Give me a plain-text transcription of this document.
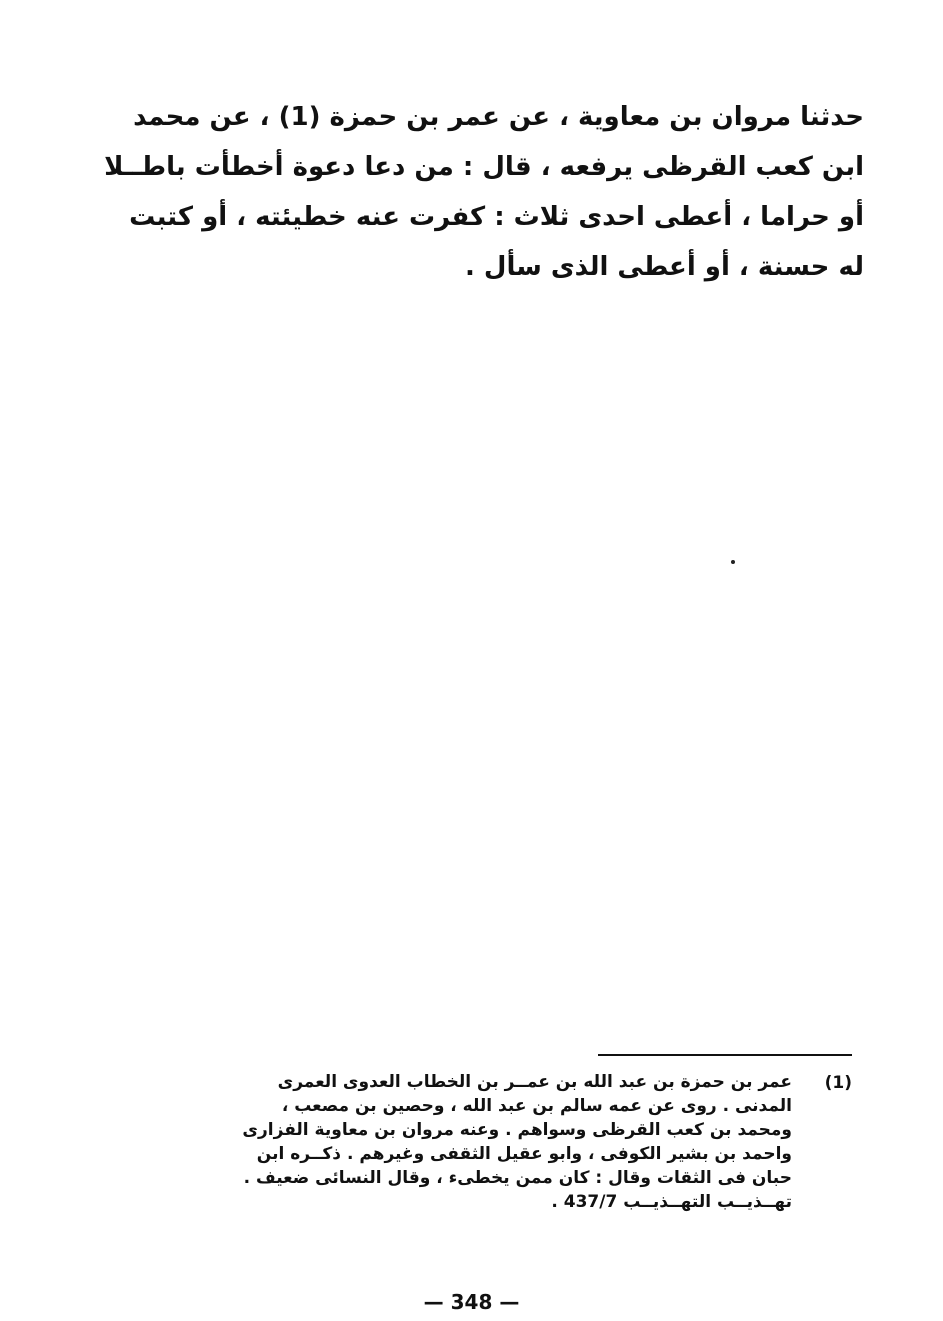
حدثنا مروان بن معاوية ، عن عمر بن حمزة (1) ، عن محمد
ابن كعب القرظى يرفعه ، قال : من دعا دعوة أخطأت باطــلا
أو حراما ، أعطى احدى ثلاث : كفرت عنه خطيئته ، أو كتبت
له حسنة ، أو أعطى الذى سأل .
(1)
عمر بن حمزة بن عبد الله بن عمــر بن الخطاب العدوى العمرى
المدنى . روى عن عمه سالم بن عبد الله ، وحصين بن مصعب ،
ومحمد بن كعب القرظى وسواهم . وعنه مروان بن معاوية الفزارى
واحمد بن بشير الكوفى ، وابو عقيل الثقفى وغيرهم . ذكــره ابن
حبان فى الثقات وقال : كان ممن يخطىء ، وقال النسائى ضعيف .
تهــذيــب التهــذيــب 437/7 .
— 348 —
